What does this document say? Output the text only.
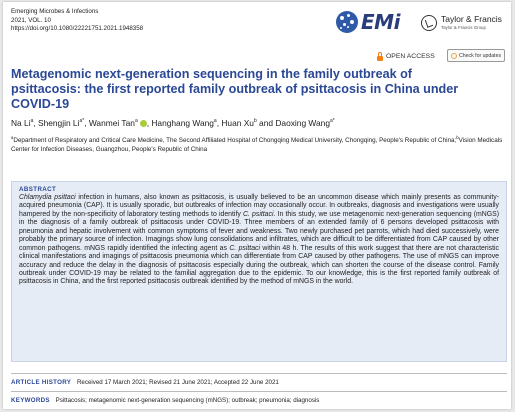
Emerging Microbes & Infections
2021, VOL. 10
https://doi.org/10.1080/22221751.2021.1948358	EMi	Taylor & Francis
Taylor & Francis Group
OPEN ACCESS	Check for updates
Metagenomic next-generation sequencing in the family outbreak of psittacosis: the first reported family outbreak of psittacosis in China under COVID-19
Na Li$^a$, Shengjin $Li^{a*}$, Wanmei Tan$^a$ , Hanghang Wang$^a$, Huan Xu$^b$ and Daoxing Wang$^{a*}$
$^a$Department of Respiratory and Critical Care Medicine, The Second Affiliated Hospital of Chongqing Medical University, Chongqing, People's Republic of China;$^b$Vision Medicals Center for Infection Diseases, Guangzhou, People's Republic of China
ABSTRACT
Chlamydia psittaci infection in humans, also known as psittacosis, is usually believed to be an uncommon disease which mainly presents as community-acquired pneumonia (CAP). It is usually sporadic, but outbreaks of infection may occasionally occur. In outbreaks, diagnosis and investigations were usually hampered by the non-specificity of laboratory testing methods to identify C. psittaci. In this study, we use metagenomic next-generation sequencing (mNGS) in the diagnosis of a family outbreak of psittacosis under COVID-19. Three members of an extended family of 6 persons developed psittacosis with pneumonia and hepatic involvement with common symptoms of fever and weakness. Two newly purchased pet parrots, which had died successively, were probably the primary source of infection. Imagings show lung consolidations and infiltrates, which are difficult to be differentiated from CAP caused by other common pathogens. mNGS rapidly identified the infecting agent as C. psittaci within 48 h. The results of this work suggest that there are not characteristic clinical manifestations and imagings of psittacosis pneumonia which can differentiate from CAP caused by other pathogens. The use of mNGS can improve accuracy and reduce the delay in the diagnosis of psittacosis especially during the outbreak, which can shorten the course of the disease control. Family outbreak under COVID-19 may be related to the familial aggregation due to the epidemic. To our knowledge, this is the first reported family outbreak of psittacosis in China, and the first reported psittacosis outbreak identified by the method of mNGS in the world.
ARTICLE HISTORY Received 17 March 2021; Revised 21 June 2021; Accepted 22 June 2021
KEYWORDS Psittacosis; metagenomic next-generation sequencing (mNGS); outbreak; pneumonia; diagnosis
